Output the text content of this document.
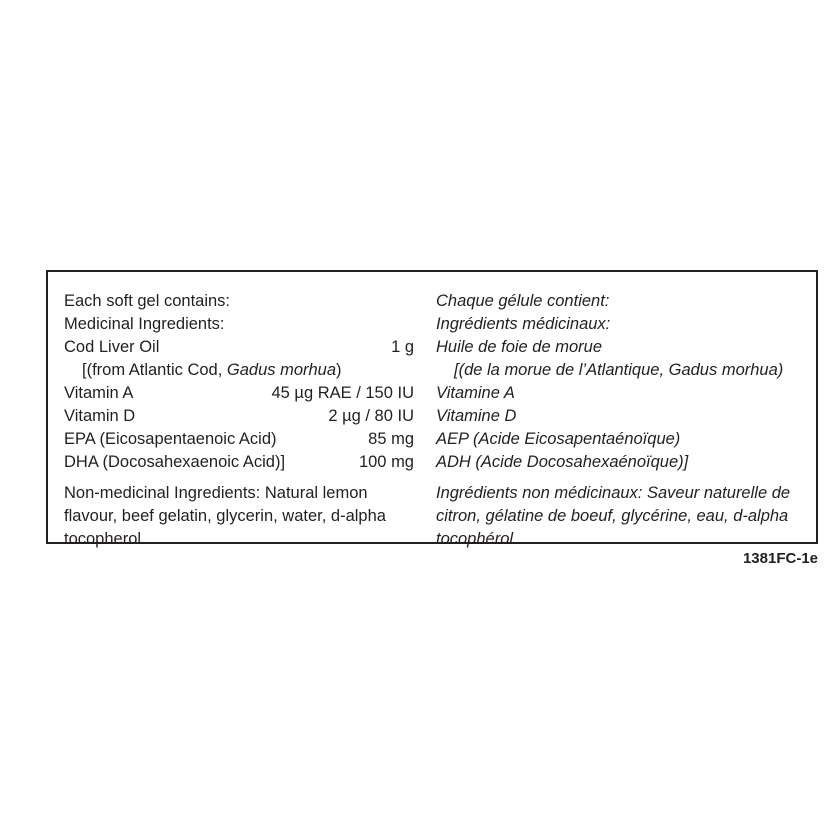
Each soft gel contains:
Medicinal Ingredients:
Cod Liver Oil	1 g
[(from Atlantic Cod, Gadus morhua)
Vitamin A	45 µg RAE / 150 IU
Vitamin D	2 µg / 80 IU
EPA (Eicosapentaenoic Acid)	85 mg
DHA (Docosahexaenoic Acid)]	100 mg
Non-medicinal Ingredients: Natural lemon flavour, beef gelatin, glycerin, water, d-alpha tocopherol.
Chaque gélule contient:
Ingrédients médicinaux:
Huile de foie de morue
[(de la morue de l’Atlantique, Gadus morhua)
Vitamine A
Vitamine D
AEP (Acide Eicosapentaénoïque)
ADH (Acide Docosahexaénoïque)]
Ingrédients non médicinaux: Saveur naturelle de citron, gélatine de boeuf, glycérine, eau, d-alpha tocophérol.
1381FC-1e
